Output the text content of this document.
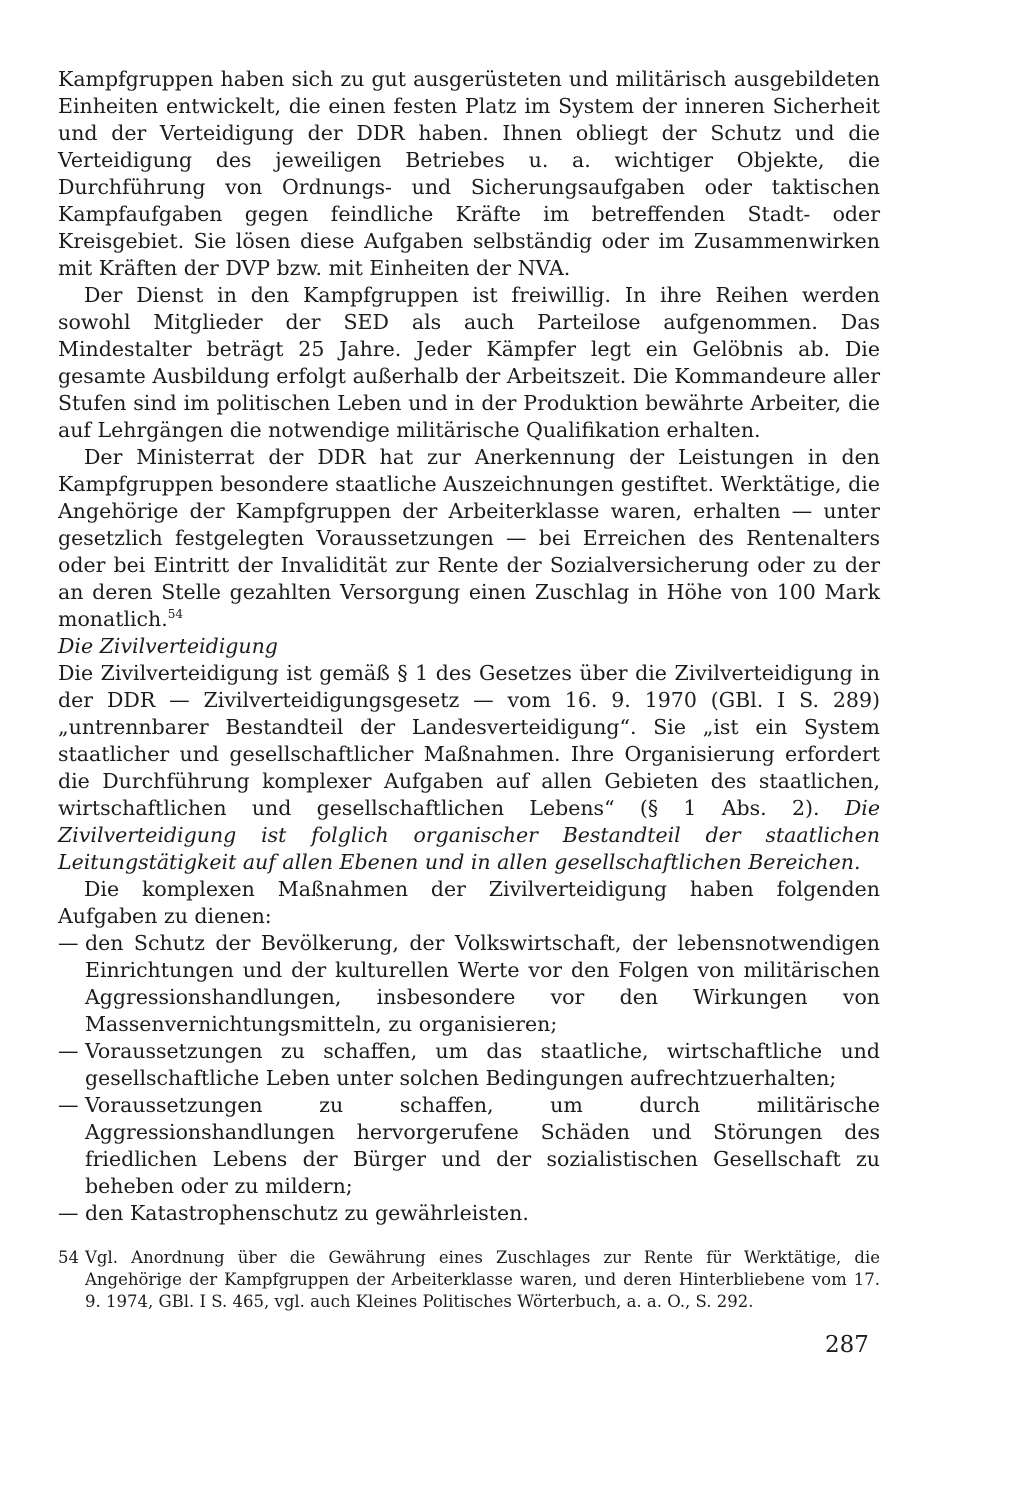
Kampfgruppen haben sich zu gut ausgerüsteten und militärisch ausgebildeten Einheiten entwickelt, die einen festen Platz im System der inneren Sicherheit und der Verteidigung der DDR haben. Ihnen obliegt der Schutz und die Verteidigung des jeweiligen Betriebes u. a. wichtiger Objekte, die Durchführung von Ordnungs- und Sicherungsaufgaben oder taktischen Kampfaufgaben gegen feindliche Kräfte im betreffenden Stadt- oder Kreisgebiet. Sie lösen diese Aufgaben selbständig oder im Zusammenwirken mit Kräften der DVP bzw. mit Einheiten der NVA.

Der Dienst in den Kampfgruppen ist freiwillig. In ihre Reihen werden sowohl Mitglieder der SED als auch Parteilose aufgenommen. Das Mindestalter beträgt 25 Jahre. Jeder Kämpfer legt ein Gelöbnis ab. Die gesamte Ausbildung erfolgt außerhalb der Arbeitszeit. Die Kommandeure aller Stufen sind im politischen Leben und in der Produktion bewährte Arbeiter, die auf Lehrgängen die notwendige militärische Qualifikation erhalten.

Der Ministerrat der DDR hat zur Anerkennung der Leistungen in den Kampfgruppen besondere staatliche Auszeichnungen gestiftet. Werktätige, die Angehörige der Kampfgruppen der Arbeiterklasse waren, erhalten — unter gesetzlich festgelegten Voraussetzungen — bei Erreichen des Rentenalters oder bei Eintritt der Invalidität zur Rente der Sozialversicherung oder zu der an deren Stelle gezahlten Versorgung einen Zuschlag in Höhe von 100 Mark monatlich.$^{54}$

Die Zivilverteidigung

Die Zivilverteidigung ist gemäß § 1 des Gesetzes über die Zivilverteidigung in der DDR — Zivilverteidigungsgesetz — vom 16. 9. 1970 (GBl. I S. 289) „untrennbarer Bestandteil der Landesverteidigung“. Sie „ist ein System staatlicher und gesellschaftlicher Maßnahmen. Ihre Organisierung erfordert die Durchführung komplexer Aufgaben auf allen Gebieten des staatlichen, wirtschaftlichen und gesellschaftlichen Lebens“ (§ 1 Abs. 2). Die Zivilverteidigung ist folglich organischer Bestandteil der staatlichen Leitungstätigkeit auf allen Ebenen und in allen gesellschaftlichen Bereichen.

Die komplexen Maßnahmen der Zivilverteidigung haben folgenden Aufgaben zu dienen:

— den Schutz der Bevölkerung, der Volkswirtschaft, der lebensnotwendigen Einrichtungen und der kulturellen Werte vor den Folgen von militärischen Aggressionshandlungen, insbesondere vor den Wirkungen von Massenvernichtungsmitteln, zu organisieren;
— Voraussetzungen zu schaffen, um das staatliche, wirtschaftliche und gesellschaftliche Leben unter solchen Bedingungen aufrechtzuerhalten;
— Voraussetzungen zu schaffen, um durch militärische Aggressionshandlungen hervorgerufene Schäden und Störungen des friedlichen Lebens der Bürger und der sozialistischen Gesellschaft zu beheben oder zu mildern;
— den Katastrophenschutz zu gewährleisten.
54 Vgl. Anordnung über die Gewährung eines Zuschlages zur Rente für Werktätige, die Angehörige der Kampfgruppen der Arbeiterklasse waren, und deren Hinterbliebene vom 17. 9. 1974, GBl. I S. 465, vgl. auch Kleines Politisches Wörterbuch, a. a. O., S. 292.
287
